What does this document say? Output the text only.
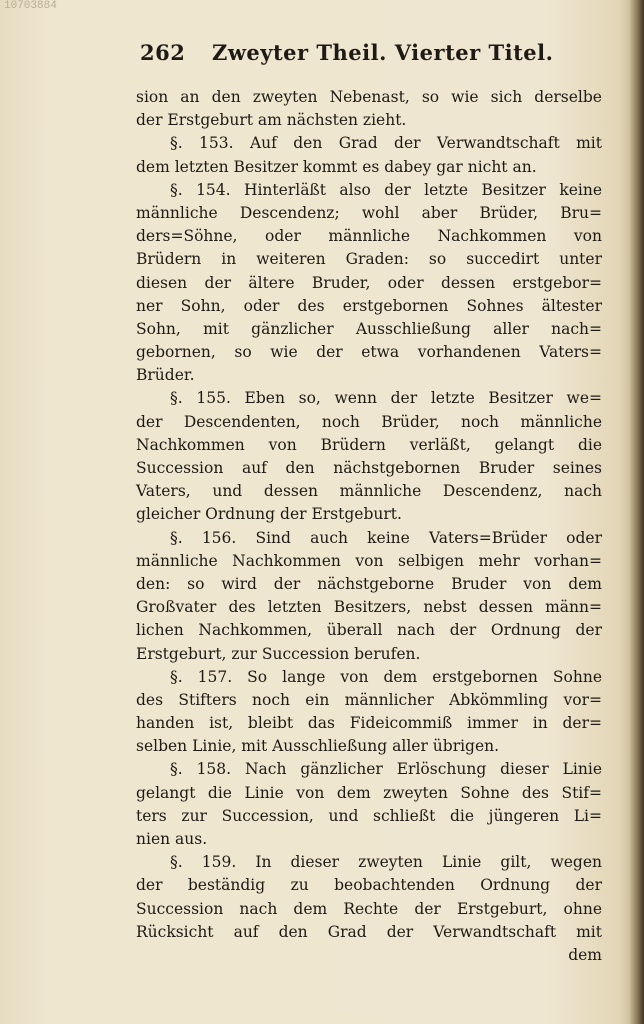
10703884
262 Zweyter Theil. Vierter Titel.
sion an den zweyten Nebenast, so wie sich derselbe
der Erstgeburt am nächsten zieht.
§. 153. Auf den Grad der Verwandtschaft mit
dem letzten Besitzer kommt es dabey gar nicht an.
§. 154. Hinterläßt also der letzte Besitzer keine
männliche Descendenz; wohl aber Brüder, Bru=
ders=Söhne, oder männliche Nachkommen von
Brüdern in weiteren Graden: so succedirt unter
diesen der ältere Bruder, oder dessen erstgebor=
ner Sohn, oder des erstgebornen Sohnes ältester
Sohn, mit gänzlicher Ausschließung aller nach=
gebornen, so wie der etwa vorhandenen Vaters=
Brüder.
§. 155. Eben so, wenn der letzte Besitzer we=
der Descendenten, noch Brüder, noch männliche
Nachkommen von Brüdern verläßt, gelangt die
Succession auf den nächstgebornen Bruder seines
Vaters, und dessen männliche Descendenz, nach
gleicher Ordnung der Erstgeburt.
§. 156. Sind auch keine Vaters=Brüder oder
männliche Nachkommen von selbigen mehr vorhan=
den: so wird der nächstgeborne Bruder von dem
Großvater des letzten Besitzers, nebst dessen männ=
lichen Nachkommen, überall nach der Ordnung der
Erstgeburt, zur Succession berufen.
§. 157. So lange von dem erstgebornen Sohne
des Stifters noch ein männlicher Abkömmling vor=
handen ist, bleibt das Fideicommiß immer in der=
selben Linie, mit Ausschließung aller übrigen.
§. 158. Nach gänzlicher Erlöschung dieser Linie
gelangt die Linie von dem zweyten Sohne des Stif=
ters zur Succession, und schließt die jüngeren Li=
nien aus.
§. 159. In dieser zweyten Linie gilt, wegen
der beständig zu beobachtenden Ordnung der
Succession nach dem Rechte der Erstgeburt, ohne
Rücksicht auf den Grad der Verwandtschaft mit
dem
